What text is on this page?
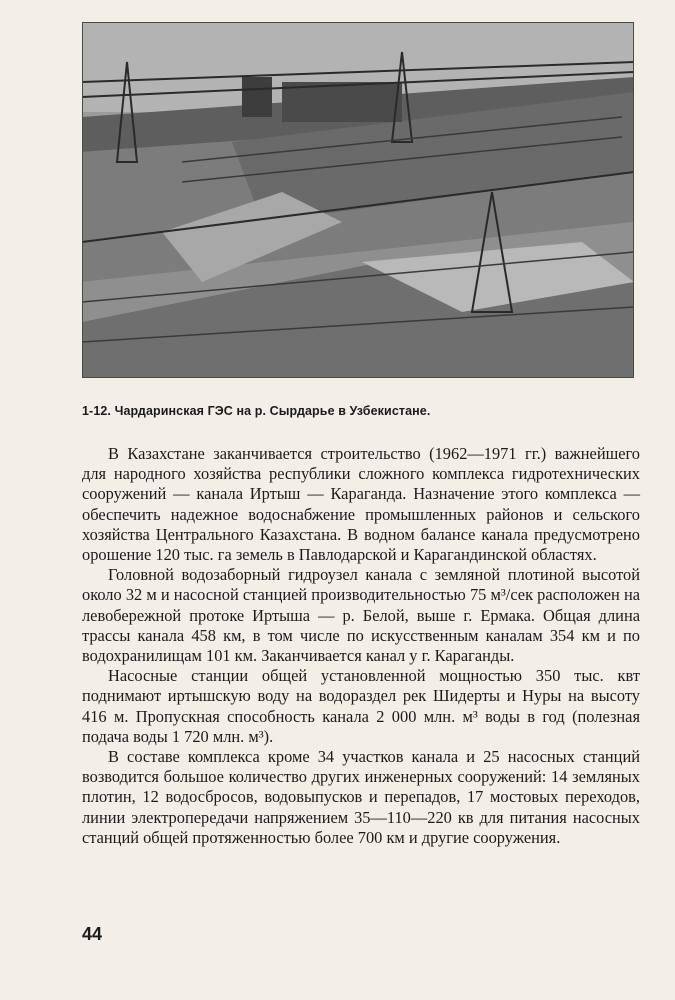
1-12. Чардаринская ГЭС на р. Сырдарье в Узбекистане.

В Казахстане заканчивается строительство (1962—1971 гг.) важнейшего для народного хозяйства республики сложного комплекса гидротехнических сооружений — канала Иртыш — Караганда. Назначение этого комплекса — обеспечить надежное водоснабжение промышленных районов и сельского хозяйства Центрального Казахстана. В водном балансе канала предусмотрено орошение 120 тыс. га земель в Павлодарской и Карагандинской областях.

Головной водозаборный гидроузел канала с земляной плотиной высотой около 32 м и насосной станцией производительностью 75 м³/сек расположен на левобережной протоке Иртыша — р. Белой, выше г. Ермака. Общая длина трассы канала 458 км, в том числе по искусственным каналам 354 км и по водохранилищам 101 км. Заканчивается канал у г. Караганды.

Насосные станции общей установленной мощностью 350 тыс. квт поднимают иртышскую воду на водораздел рек Шидерты и Нуры на высоту 416 м. Пропускная способность канала 2 000 млн. м³ воды в год (полезная подача воды 1 720 млн. м³).

В составе комплекса кроме 34 участков канала и 25 насосных станций возводится большое количество других инженерных сооружений: 14 земляных плотин, 12 водосбросов, водовыпусков и перепадов, 17 мостовых переходов, линии электропередачи напряжением 35—110—220 кв для питания насосных станций общей протяженностью более 700 км и другие сооружения.

44
